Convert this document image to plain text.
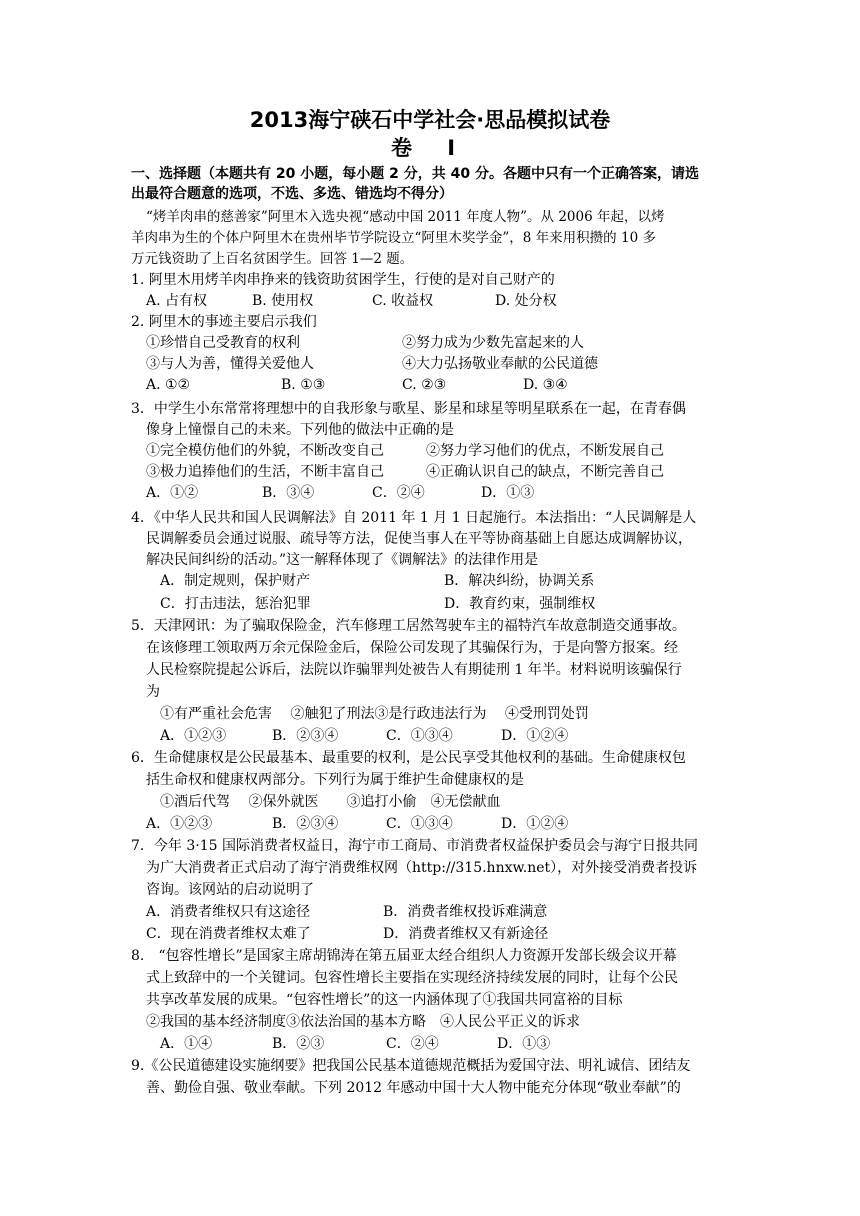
2013海宁硖石中学社会·思品模拟试卷
卷 Ⅰ
一、选择题（本题共有 20 小题，每小题 2 分，共 40 分。各题中只有一个正确答案，请选
出最符合题意的选项，不选、多选、错选均不得分）
“烤羊肉串的慈善家”阿里木入选央视“感动中国 2011 年度人物”。从 2006 年起，以烤
羊肉串为生的个体户阿里木在贵州毕节学院设立“阿里木奖学金”，8 年来用积攒的 10 多
万元钱资助了上百名贫困学生。回答 1—2 题。
1. 阿里木用烤羊肉串挣来的钱资助贫困学生，行使的是对自己财产的
A. 占有权	B. 使用权	C. 收益权	D. 处分权
2. 阿里木的事迹主要启示我们
①珍惜自己受教育的权利	②努力成为少数先富起来的人
③与人为善，懂得关爱他人	④大力弘扬敬业奉献的公民道德
A. ①②	B. ①③	C. ②③	D. ③④
3．中学生小东常常将理想中的自我形象与歌星、影星和球星等明星联系在一起，在青春偶
像身上憧憬自己的未来。下列他的做法中正确的是
①完全模仿他们的外貌，不断改变自己	②努力学习他们的优点，不断发展自己
③极力追捧他们的生活，不断丰富自己	④正确认识自己的缺点，不断完善自己
A．①②	B．③④	C．②④	D．①③
4．《中华人民共和国人民调解法》自 2011 年 1 月 1 日起施行。本法指出：“人民调解是人
民调解委员会通过说服、疏导等方法，促使当事人在平等协商基础上自愿达成调解协议，
解决民间纠纷的活动。”这一解释体现了《调解法》的法律作用是
A．制定规则，保护财产	B．解决纠纷，协调关系
C．打击违法，惩治犯罪	D．教育约束，强制维权
5．天津网讯：为了骗取保险金，汽车修理工居然驾驶车主的福特汽车故意制造交通事故。
在该修理工领取两万余元保险金后，保险公司发现了其骗保行为，于是向警方报案。经
人民检察院提起公诉后，法院以诈骗罪判处被告人有期徒刑 1 年半。材料说明该骗保行
为
①有严重社会危害　 ②触犯了刑法③是行政违法行为　 ④受刑罚处罚
A．①②③	B．②③④	C．①③④	D．①②④
6．生命健康权是公民最基本、最重要的权利，是公民享受其他权利的基础。生命健康权包
括生命权和健康权两部分。下列行为属于维护生命健康权的是
①酒后代驾　 ②保外就医　　③追打小偷　④无偿献血
A．①②③	B．②③④	C．①③④	D．①②④
7．今年 3·15 国际消费者权益日，海宁市工商局、市消费者权益保护委员会与海宁日报共同
为广大消费者正式启动了海宁消费维权网（http://315.hnxw.net），对外接受消费者投诉
咨询。该网站的启动说明了
A．消费者维权只有这途径	B．消费者维权投诉难满意
C．现在消费者维权太难了	D．消费者维权又有新途径
8.　“包容性增长”是国家主席胡锦涛在第五届亚太经合组织人力资源开发部长级会议开幕
式上致辞中的一个关键词。包容性增长主要指在实现经济持续发展的同时，让每个公民
共享改革发展的成果。“包容性增长”的这一内涵体现了①我国共同富裕的目标
②我国的基本经济制度③依法治国的基本方略　④人民公平正义的诉求
A．①④	B．②③	C．②④	D．①③
9.《公民道德建设实施纲要》把我国公民基本道德规范概括为爱国守法、明礼诚信、团结友
善、勤俭自强、敬业奉献。下列 2012 年感动中国十大人物中能充分体现“敬业奉献”的
